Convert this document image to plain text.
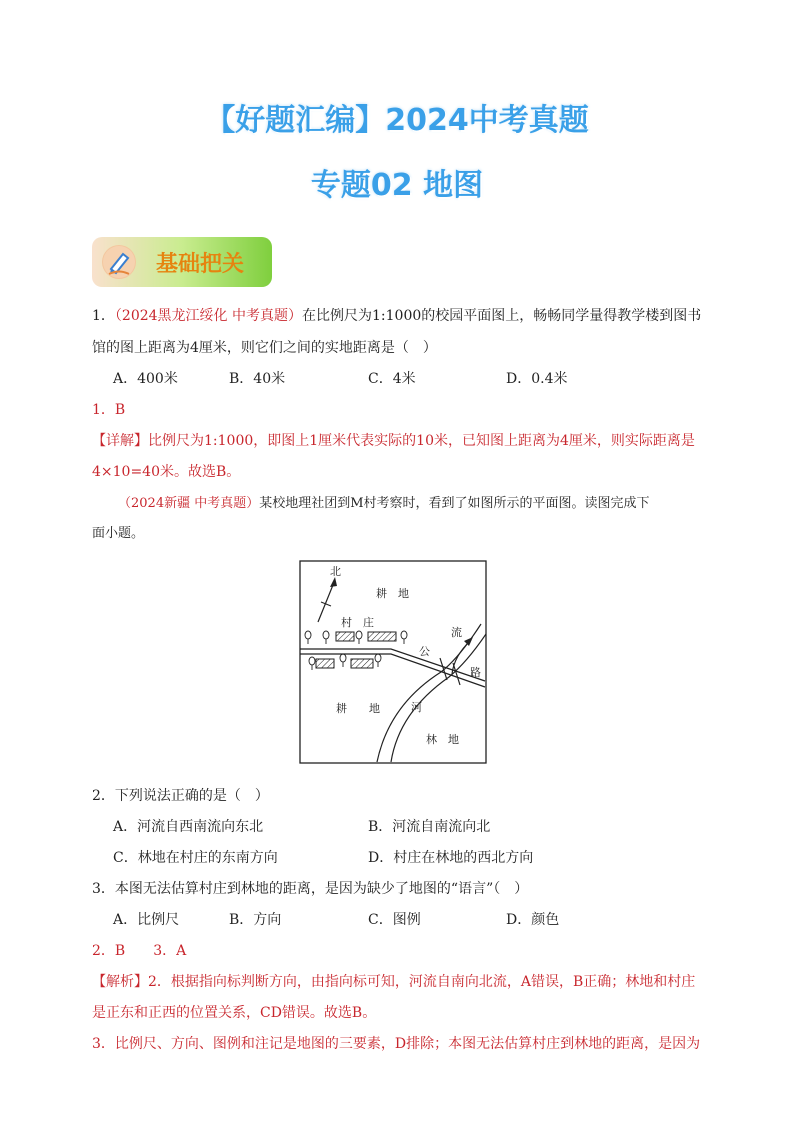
【好题汇编】2024中考真题
专题02 地图
基础把关
1．（2024黑龙江绥化 中考真题）在比例尺为1:1000的校园平面图上，畅畅同学量得教学楼到图书
馆的图上距离为4厘米，则它们之间的实地距离是（　）
A．400米	B．40米	C．4米	D．0.4米
1．B
【详解】比例尺为1:1000，即图上1厘米代表实际的10米，已知图上距离为4厘米，则实际距离是
4×10=40米。故选B。
（2024新疆 中考真题）某校地理社团到M村考察时，看到了如图所示的平面图。读图完成下
面小题。
北
耕　地
村　庄
流
公
路
耕　　地	河
林　地
2．下列说法正确的是（　）
A．河流自西南流向东北	B．河流自南流向北
C．林地在村庄的东南方向	D．村庄在林地的西北方向
3．本图无法估算村庄到林地的距离，是因为缺少了地图的“语言”（　）
A．比例尺	B．方向	C．图例	D．颜色
2．B　　3．A
【解析】2．根据指向标判断方向，由指向标可知，河流自南向北流，A错误，B正确；林地和村庄
是正东和正西的位置关系，CD错误。故选B。
3．比例尺、方向、图例和注记是地图的三要素，D排除；本图无法估算村庄到林地的距离，是因为
